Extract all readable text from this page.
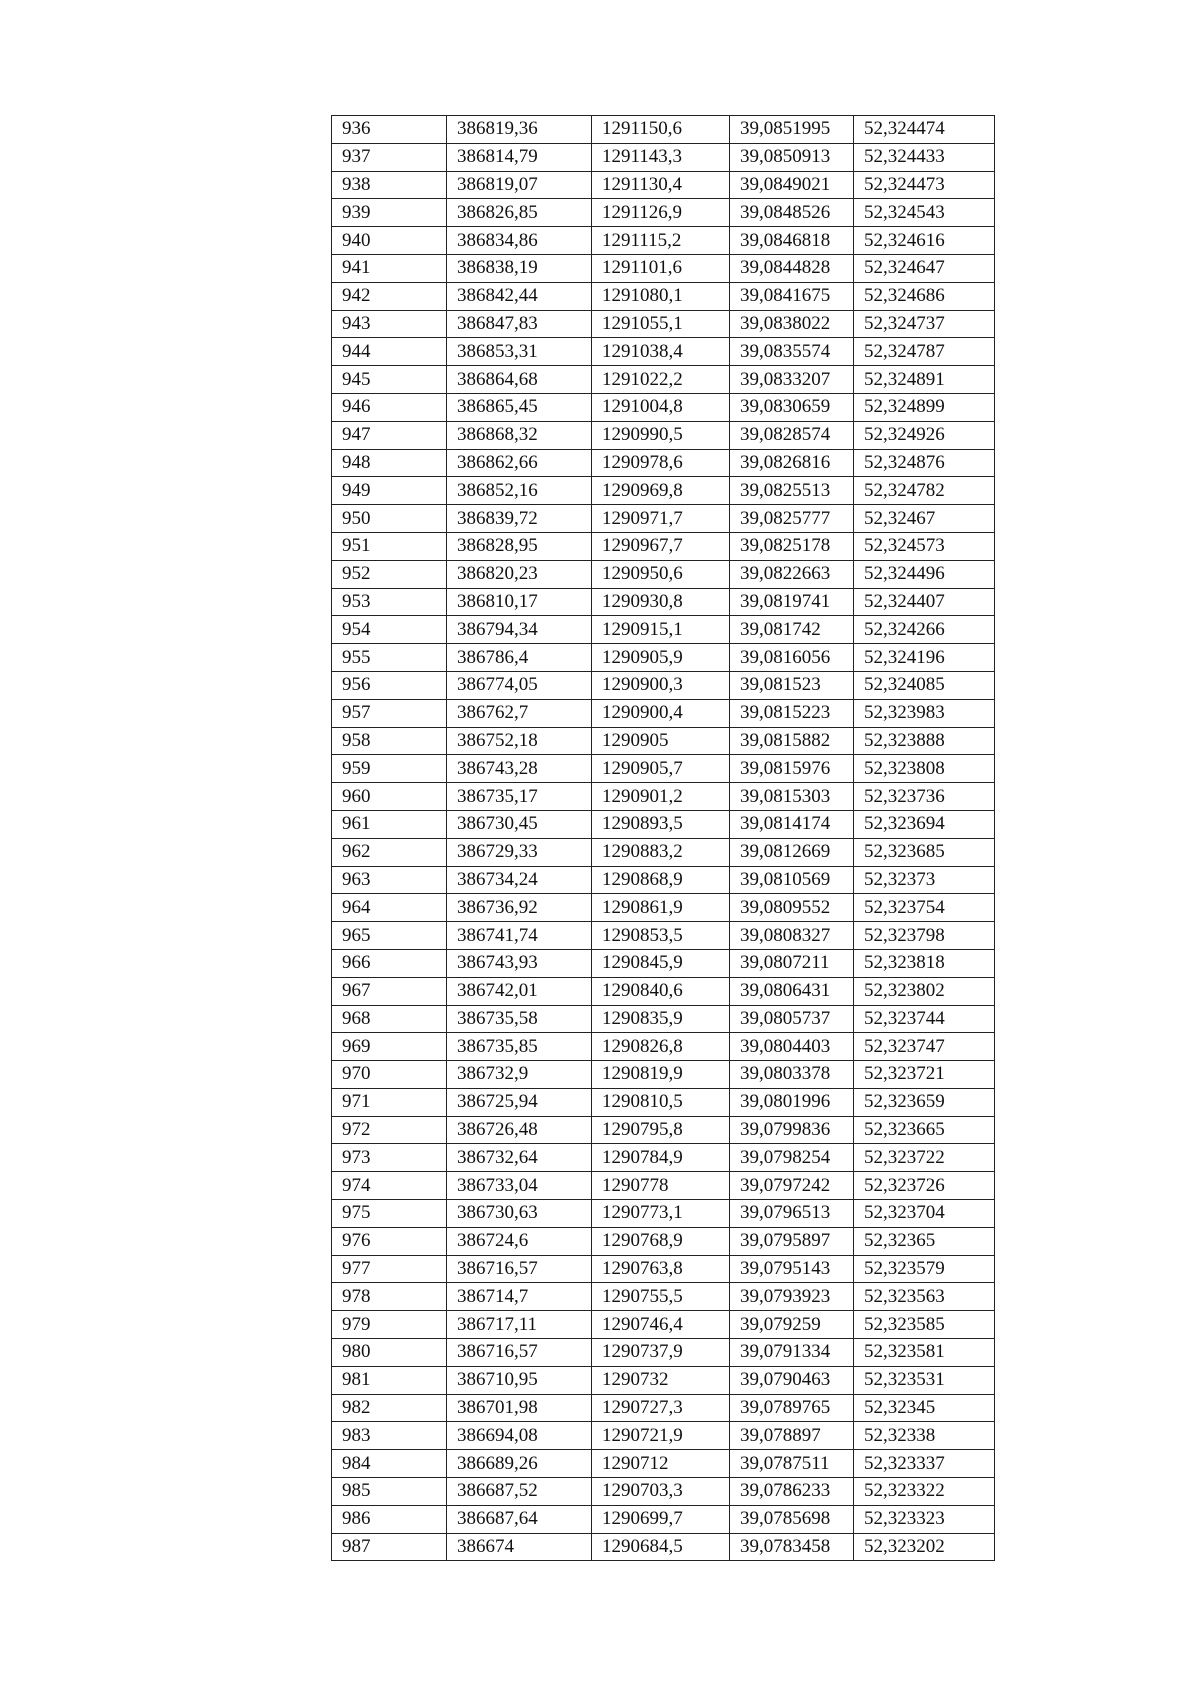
936	386819,36	1291150,6	39,0851995	52,324474
937	386814,79	1291143,3	39,0850913	52,324433
938	386819,07	1291130,4	39,0849021	52,324473
939	386826,85	1291126,9	39,0848526	52,324543
940	386834,86	1291115,2	39,0846818	52,324616
941	386838,19	1291101,6	39,0844828	52,324647
942	386842,44	1291080,1	39,0841675	52,324686
943	386847,83	1291055,1	39,0838022	52,324737
944	386853,31	1291038,4	39,0835574	52,324787
945	386864,68	1291022,2	39,0833207	52,324891
946	386865,45	1291004,8	39,0830659	52,324899
947	386868,32	1290990,5	39,0828574	52,324926
948	386862,66	1290978,6	39,0826816	52,324876
949	386852,16	1290969,8	39,0825513	52,324782
950	386839,72	1290971,7	39,0825777	52,32467
951	386828,95	1290967,7	39,0825178	52,324573
952	386820,23	1290950,6	39,0822663	52,324496
953	386810,17	1290930,8	39,0819741	52,324407
954	386794,34	1290915,1	39,081742	52,324266
955	386786,4	1290905,9	39,0816056	52,324196
956	386774,05	1290900,3	39,081523	52,324085
957	386762,7	1290900,4	39,0815223	52,323983
958	386752,18	1290905	39,0815882	52,323888
959	386743,28	1290905,7	39,0815976	52,323808
960	386735,17	1290901,2	39,0815303	52,323736
961	386730,45	1290893,5	39,0814174	52,323694
962	386729,33	1290883,2	39,0812669	52,323685
963	386734,24	1290868,9	39,0810569	52,32373
964	386736,92	1290861,9	39,0809552	52,323754
965	386741,74	1290853,5	39,0808327	52,323798
966	386743,93	1290845,9	39,0807211	52,323818
967	386742,01	1290840,6	39,0806431	52,323802
968	386735,58	1290835,9	39,0805737	52,323744
969	386735,85	1290826,8	39,0804403	52,323747
970	386732,9	1290819,9	39,0803378	52,323721
971	386725,94	1290810,5	39,0801996	52,323659
972	386726,48	1290795,8	39,0799836	52,323665
973	386732,64	1290784,9	39,0798254	52,323722
974	386733,04	1290778	39,0797242	52,323726
975	386730,63	1290773,1	39,0796513	52,323704
976	386724,6	1290768,9	39,0795897	52,32365
977	386716,57	1290763,8	39,0795143	52,323579
978	386714,7	1290755,5	39,0793923	52,323563
979	386717,11	1290746,4	39,079259	52,323585
980	386716,57	1290737,9	39,0791334	52,323581
981	386710,95	1290732	39,0790463	52,323531
982	386701,98	1290727,3	39,0789765	52,32345
983	386694,08	1290721,9	39,078897	52,32338
984	386689,26	1290712	39,0787511	52,323337
985	386687,52	1290703,3	39,0786233	52,323322
986	386687,64	1290699,7	39,0785698	52,323323
987	386674	1290684,5	39,0783458	52,323202
